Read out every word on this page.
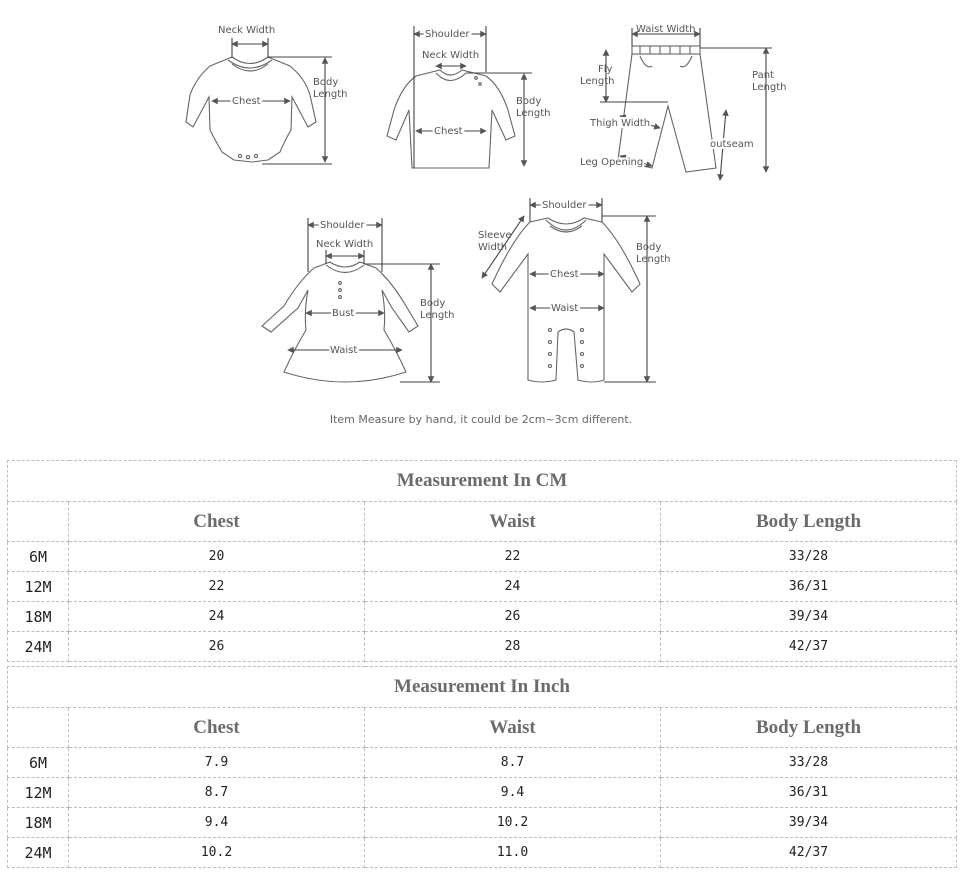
Neck Width
Chest
Body
Length
Shoulder
Neck Width
Chest
Body
Length
Waist Width
Fly
Length
Pant
Length
Thigh Width
outseam
Leg Opening
Shoulder
Neck Width
Bust
Waist
Body
Length
Shoulder
Sleeve
Width
Chest
Waist
Body
Length
Item Measure by hand, it could be 2cm~3cm different.
Measurement In CM			
	Chest	Waist	Body Length
6M	20	22	33/28
12M	22	24	36/31
18M	24	26	39/34
24M	26	28	42/37
Measurement In Inch			
	Chest	Waist	Body Length
6M	7.9	8.7	33/28
12M	8.7	9.4	36/31
18M	9.4	10.2	39/34
24M	10.2	11.0	42/37
